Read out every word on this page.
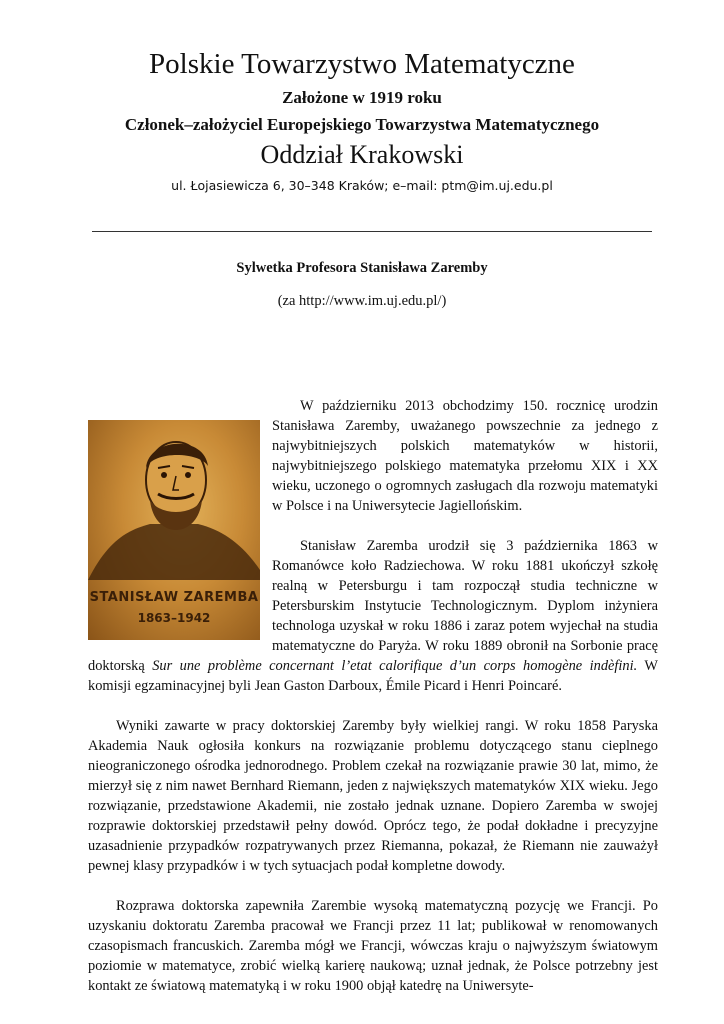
Polskie Towarzystwo Matematyczne
Założone w 1919 roku
Członek–założyciel Europejskiego Towarzystwa Matematycznego
Oddział Krakowski
ul. Łojasiewicza 6, 30–348 Kraków; e–mail: ptm@im.uj.edu.pl
Sylwetka Profesora Stanisława Zaremby
(za http://www.im.uj.edu.pl/)
STANISŁAW ZAREMBA
1863–1942

W październiku 2013 obchodzimy 150. rocznicę urodzin Stanisława Zaremby, uważanego powszechnie za jednego z najwybitniejszych polskich matematyków w historii, najwybitniejszego polskiego matematyka przełomu XIX i XX wieku, uczonego o ogromnych zasługach dla rozwoju matematyki w Polsce i na Uniwersytecie Jagiellońskim.

Stanisław Zaremba urodził się 3 października 1863 w Romanówce koło Radziechowa. W roku 1881 ukończył szkołę realną w Petersburgu i tam rozpoczął studia techniczne w Petersburskim Instytucie Technologicznym. Dyplom inżyniera technologa uzyskał w roku 1886 i zaraz potem wyjechał na studia matematyczne do Paryża. W roku 1889 obronił na Sorbonie pracę doktorską Sur une problème concernant l’etat calorifique d’un corps homogène indèfini. W komisji egzaminacyjnej byli Jean Gaston Darboux, Émile Picard i Henri Poincaré.

Wyniki zawarte w pracy doktorskiej Zaremby były wielkiej rangi. W roku 1858 Paryska Akademia Nauk ogłosiła konkurs na rozwiązanie problemu dotyczącego stanu cieplnego nieograniczonego ośrodka jednorodnego. Problem czekał na rozwiązanie prawie 30 lat, mimo, że mierzył się z nim nawet Bernhard Riemann, jeden z największych matematyków XIX wieku. Jego rozwiązanie, przedstawione Akademii, nie zostało jednak uznane. Dopiero Zaremba w swojej rozprawie doktorskiej przedstawił pełny dowód. Oprócz tego, że podał dokładne i precyzyjne uzasadnienie przypadków rozpatrywanych przez Riemanna, pokazał, że Riemann nie zauważył pewnej klasy przypadków i w tych sytuacjach podał kompletne dowody.

Rozprawa doktorska zapewniła Zarembie wysoką matematyczną pozycję we Francji. Po uzyskaniu doktoratu Zaremba pracował we Francji przez 11 lat; publikował w renomowanych czasopismach francuskich. Zaremba mógł we Francji, wówczas kraju o najwyższym światowym poziomie w matematyce, zrobić wielką karierę naukową; uznał jednak, że Polsce potrzebny jest kontakt ze światową matematyką i w roku 1900 objął katedrę na Uniwersyte-
